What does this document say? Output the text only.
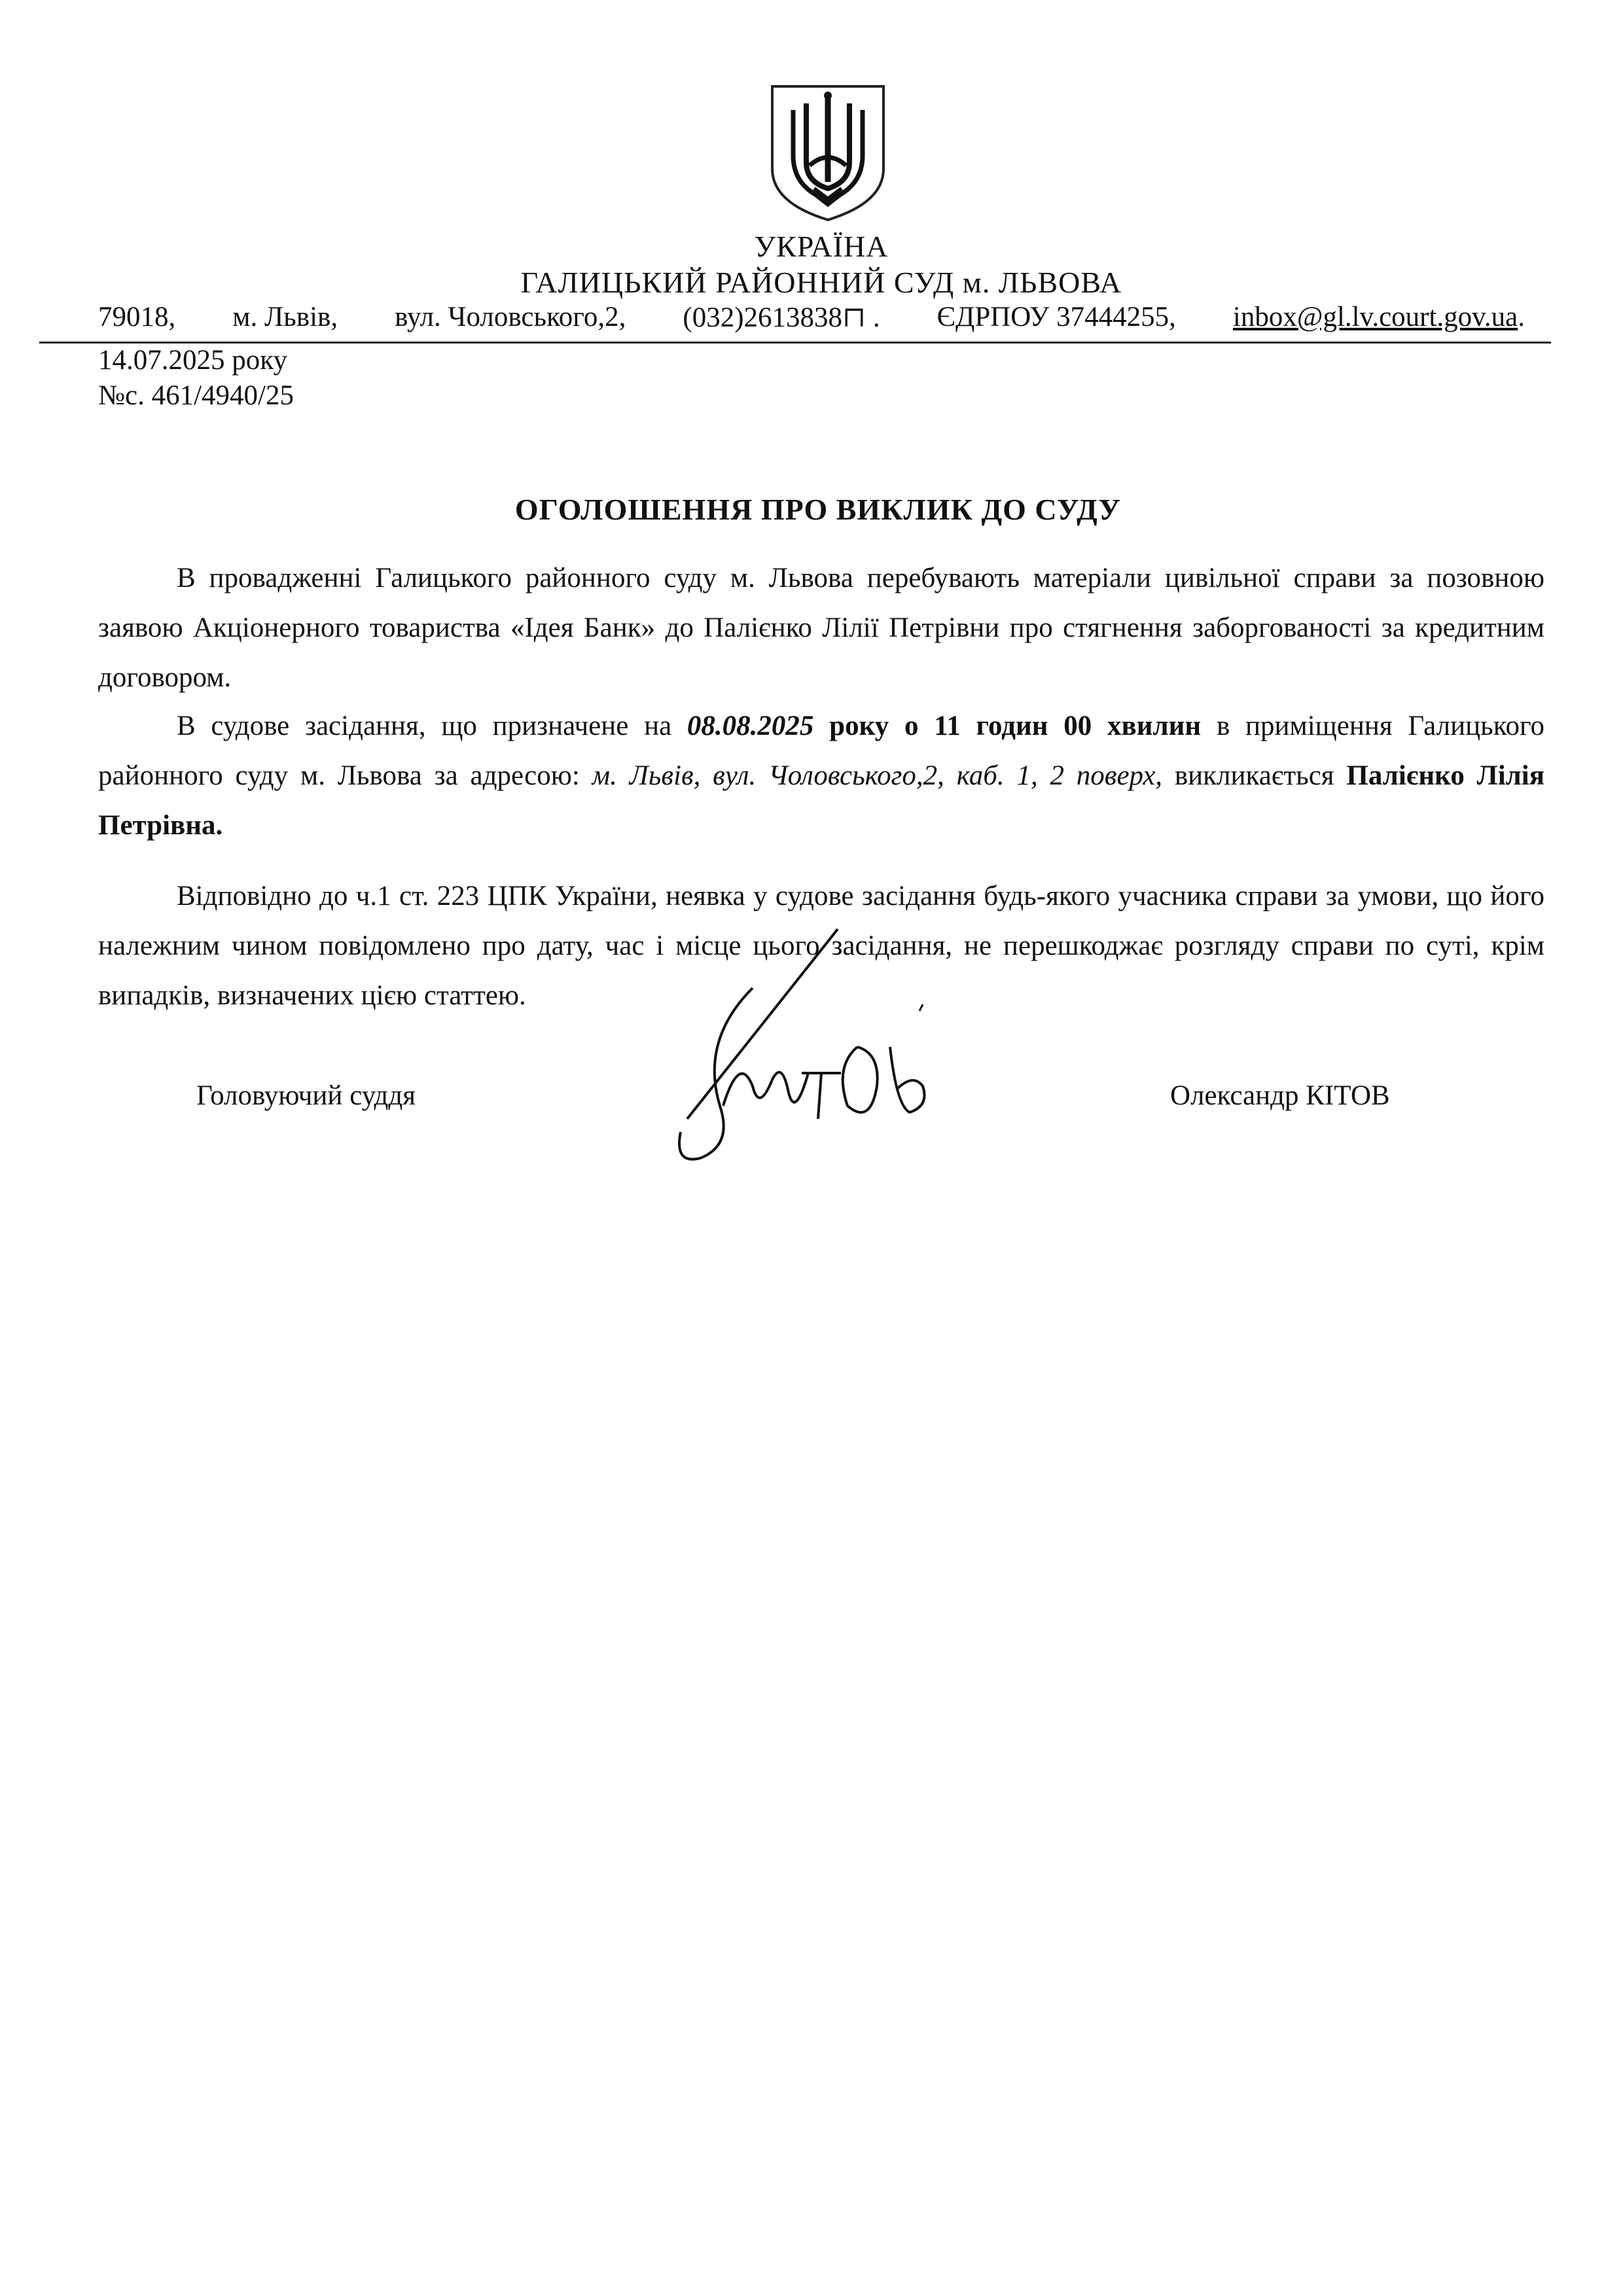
УКРАЇНА
ГАЛИЦЬКИЙ РАЙОННИЙ СУД м. ЛЬВОВА
79018, м. Львів, вул. Чоловського,2, (032)2613838⊓ . ЄДРПОУ 37444255, inbox@gl.lv.court.gov.ua.
14.07.2025 року
№с. 461/4940/25
ОГОЛОШЕННЯ ПРО ВИКЛИК ДО СУДУ
В провадженні Галицького районного суду м. Львова перебувають матеріали цивільної справи за позовною заявою Акціонерного товариства «Ідея Банк» до Палієнко Лілії Петрівни про стягнення заборгованості за кредитним договором.
В судове засідання, що призначене на 08.08.2025 року о 11 годин 00 хвилин в приміщення Галицького районного суду м. Львова за адресою: м. Львів, вул. Чоловського,2, каб. 1, 2 поверх, викликається Палієнко Лілія Петрівна.
Відповідно до ч.1 ст. 223 ЦПК України, неявка у судове засідання будь-якого учасника справи за умови, що його належним чином повідомлено про дату, час і місце цього засідання, не перешкоджає розгляду справи по суті, крім випадків, визначених цією статтею.
Головуючий суддя	Олександр КІТОВ
